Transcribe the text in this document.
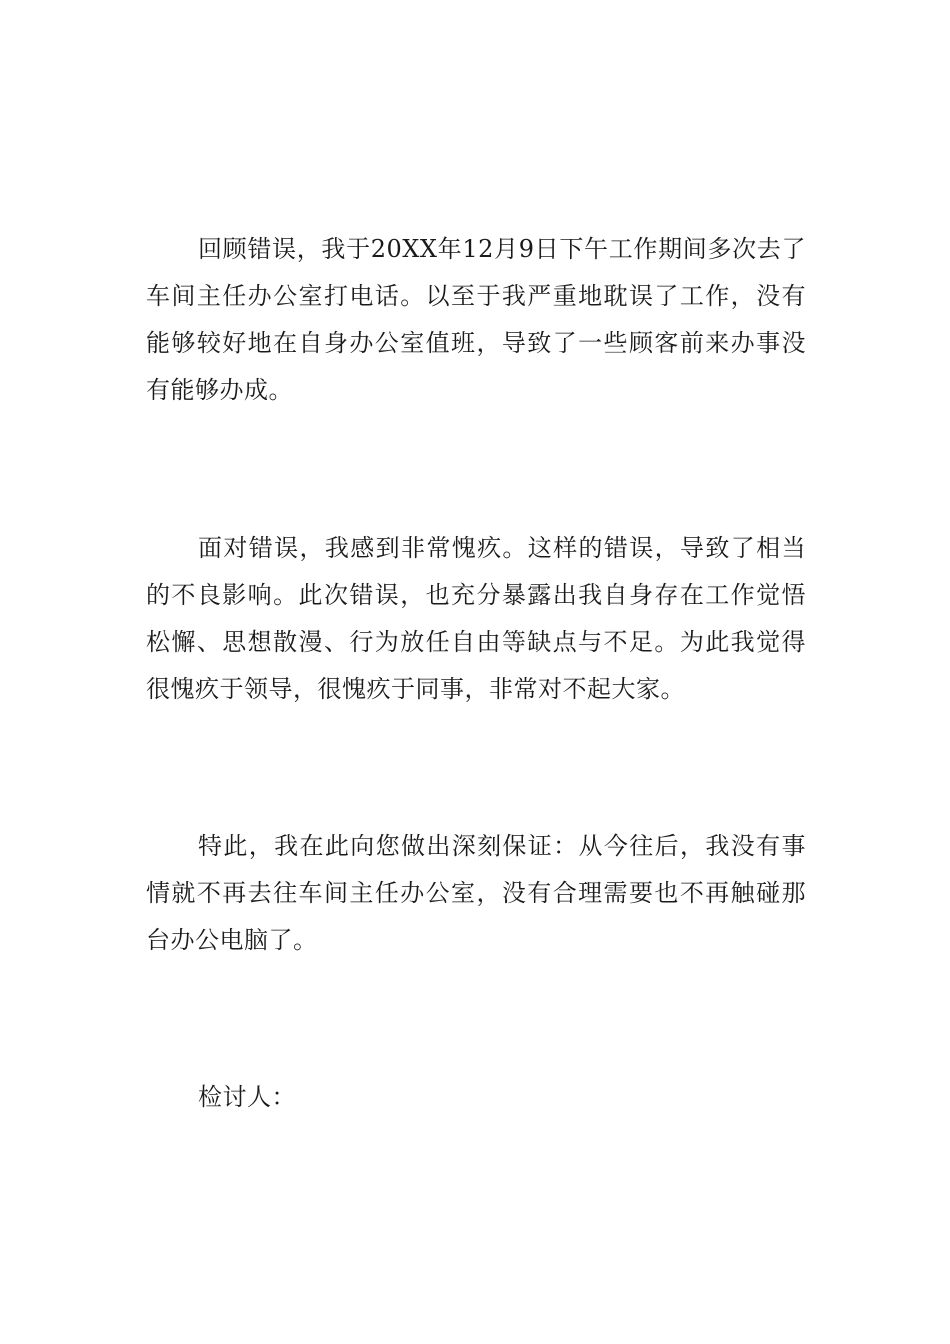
回顾错误，我于20XX年12月9日下午工作期间多次去了车间主任办公室打电话。以至于我严重地耽误了工作，没有能够较好地在自身办公室值班，导致了一些顾客前来办事没有能够办成。

面对错误，我感到非常愧疚。这样的错误，导致了相当的不良影响。此次错误，也充分暴露出我自身存在工作觉悟松懈、思想散漫、行为放任自由等缺点与不足。为此我觉得很愧疚于领导，很愧疚于同事，非常对不起大家。

特此，我在此向您做出深刻保证：从今往后，我没有事情就不再去往车间主任办公室，没有合理需要也不再触碰那台办公电脑了。

检讨人：
